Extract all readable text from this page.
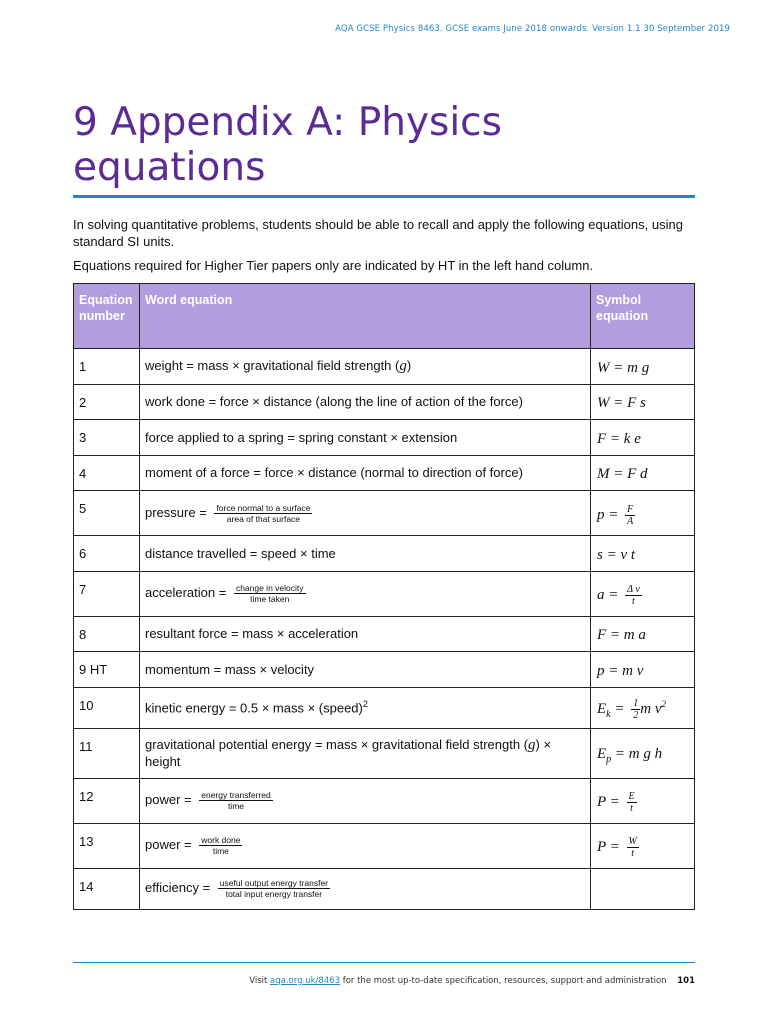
AQA GCSE Physics 8463. GCSE exams June 2018 onwards. Version 1.1 30 September 2019
9 Appendix A: Physics equations

In solving quantitative problems, students should be able to recall and apply the following equations, using standard SI units.

Equations required for Higher Tier papers only are indicated by HT in the left hand column.

Equation number	Word equation	Symbol equation
1	weight = mass × gravitational field strength (g)	W = m g
2	work done = force × distance (along the line of action of the force)	W = F s
3	force applied to a spring = spring constant × extension	F = k e
4	moment of a force = force × distance (normal to direction of force)	M = F d
5	pressure = $\frac{\text{force normal to a surface}}{\text{area of that surface}}$	$p = \frac{F}{A}$

6	distance travelled = speed × time	s = v t
7	acceleration = $\frac{\text{change in velocity}}{\text{time taken}}$	$a = \frac{\text{Δ v}}{t}$

8	resultant force = mass × acceleration	F = m a
9 HT	momentum = mass × velocity	p = m v
10	kinetic energy = 0.5 × mass × (speed)$^2$	$E_k = \frac{1}{2}$ m $v^2$
11	gravitational potential energy = mass × gravitational field strength (g) × height	$E_p = m$ g h
12	power = $\frac{\text{energy transferred}}{\text{time}}$	$P = \frac{E}{t}$

13	power = $\frac{\text{work done}}{\text{time}}$	$P = \frac{W}{t}$

14	efficiency = $\frac{\text{useful output energy transfer}}{\text{total input energy transfer}}$

Visit aqa.org.uk/8463 for the most up-to-date specification, resources, support and administration 101
